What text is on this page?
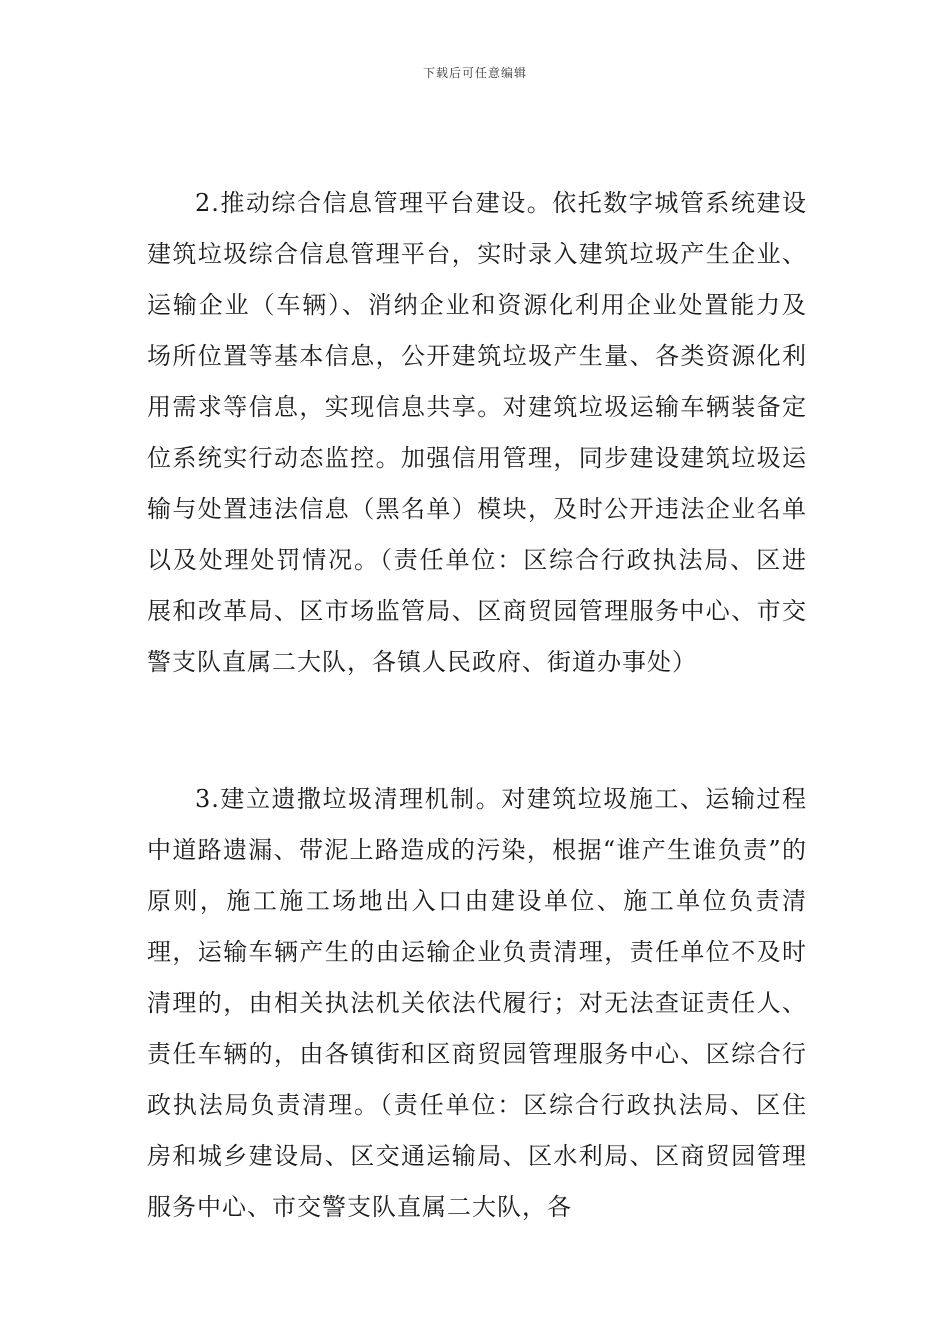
下载后可任意编辑

2.推动综合信息管理平台建设。依托数字城管系统建设建筑垃圾综合信息管理平台，实时录入建筑垃圾产生企业、运输企业（车辆）、消纳企业和资源化利用企业处置能力及场所位置等基本信息，公开建筑垃圾产生量、各类资源化利用需求等信息，实现信息共享。对建筑垃圾运输车辆装备定位系统实行动态监控。加强信用管理，同步建设建筑垃圾运输与处置违法信息（黑名单）模块，及时公开违法企业名单以及处理处罚情况。（责任单位：区综合行政执法局、区进展和改革局、区市场监管局、区商贸园管理服务中心、市交警支队直属二大队，各镇人民政府、街道办事处）

3.建立遗撒垃圾清理机制。对建筑垃圾施工、运输过程中道路遗漏、带泥上路造成的污染，根据“谁产生谁负责”的原则，施工施工场地出入口由建设单位、施工单位负责清理，运输车辆产生的由运输企业负责清理，责任单位不及时清理的，由相关执法机关依法代履行；对无法查证责任人、责任车辆的，由各镇街和区商贸园管理服务中心、区综合行政执法局负责清理。（责任单位：区综合行政执法局、区住房和城乡建设局、区交通运输局、区水利局、区商贸园管理服务中心、市交警支队直属二大队，各
